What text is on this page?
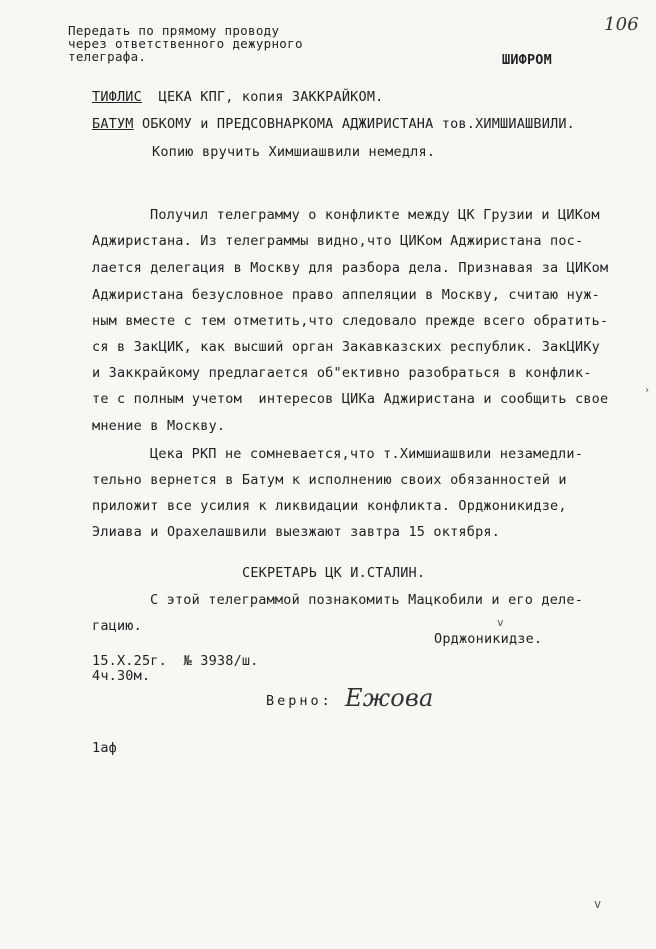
Передать по прямому проводу
через ответственного дежурного
телеграфа.
106
ШИФРОМ
ТИФЛИС  ЦЕКА КПГ, копия ЗАККРАЙКОМ.
БАТУМ ОБКОМУ и ПРЕДСОВНАРКОМА АДЖИРИСТАНА тов.ХИМШИАШВИЛИ.
Копию вручить Химшиашвили немедля.
Получил телеграмму о конфликте между ЦК Грузии и ЦИКом
Аджиристана. Из телеграммы видно,что ЦИКом Аджиристана пос-
лается делегация в Москву для разбора дела. Признавая за ЦИКом
Аджиристана безусловное право аппеляции в Москву, считаю нуж-
ным вместе с тем отметить,что следовало прежде всего обратить-
ся в ЗакЦИК, как высший орган Закавказских республик. ЗакЦИКу
и Заккрайкому предлагается об"ективно разобраться в конфлик-
те с полным учетом  интересов ЦИКа Аджиристана и сообщить свое
мнение в Москву.
Цека РКП не сомневается,что т.Химшиашвили незамедли-
тельно вернется в Батум к исполнению своих обязанностей и
приложит все усилия к ликвидации конфликта. Орджоникидзе,
Элиава и Орахелашвили выезжают завтра 15 октября.
СЕКРЕТАРЬ ЦК И.СТАЛИН.
С этой телеграммой познакомить Мацкобили и его деле-
гацию.
Орджоникидзе.
v
15.X.25г.  № 3938/ш.
4ч.30м.
Верно: Ежова
1аф
v
›
